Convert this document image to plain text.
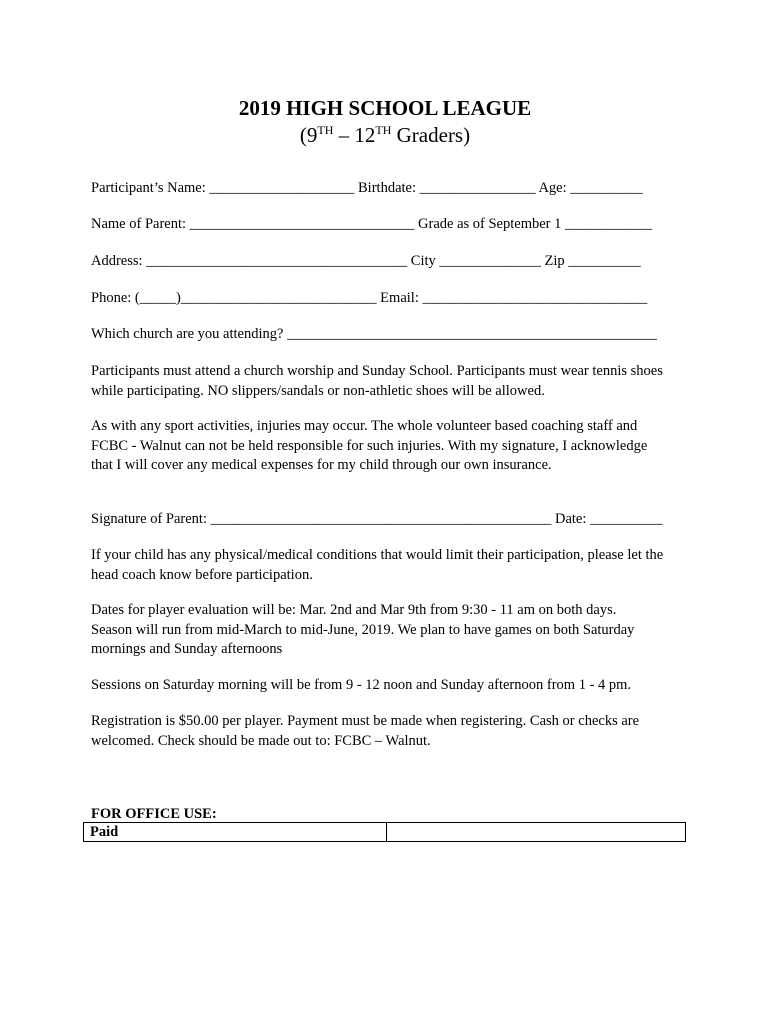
2019 HIGH SCHOOL LEAGUE
(9TH – 12TH Graders)
Participant’s Name: ____________________ Birthdate: ________________ Age: __________
Name of Parent: _______________________________ Grade as of September 1 ____________
Address: ____________________________________ City ______________ Zip __________
Phone: (_____)___________________________ Email: _______________________________
Which church are you attending? ___________________________________________________
Participants must attend a church worship and Sunday School. Participants must wear tennis shoes
while participating. NO slippers/sandals or non-athletic shoes will be allowed.
As with any sport activities, injuries may occur. The whole volunteer based coaching staff and
FCBC - Walnut can not be held responsible for such injuries. With my signature, I acknowledge
that I will cover any medical expenses for my child through our own insurance.
Signature of Parent: _______________________________________________ Date: __________
If your child has any physical/medical conditions that would limit their participation, please let the
head coach know before participation.
Dates for player evaluation will be: Mar. 2nd and Mar 9th from 9:30 - 11 am on both days.
Season will run from mid-March to mid-June, 2019. We plan to have games on both Saturday
mornings and Sunday afternoons
Sessions on Saturday morning will be from 9 - 12 noon and Sunday afternoon from 1 - 4 pm.
Registration is $50.00 per player. Payment must be made when registering. Cash or checks are
welcomed. Check should be made out to: FCBC – Walnut.
FOR OFFICE USE:
Paid	
